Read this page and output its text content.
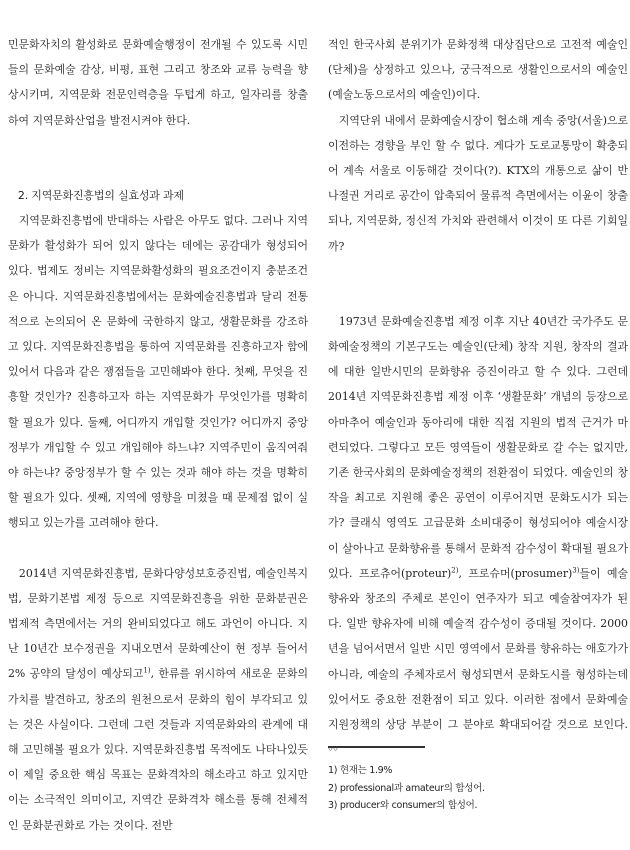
민문화자치의 활성화로 문화예술행정이 전개될 수 있도록 시민들의 문화예술 감상, 비평, 표현 그리고 창조와 교류 능력을 향상시키며, 지역문화 전문인력층을 두텁게 하고, 일자리를 창출하여 지역문화산업을 발전시켜야 한다.

2. 지역문화진흥법의 실효성과 과제

지역문화진흥법에 반대하는 사람은 아무도 없다. 그러나 지역문화가 활성화가 되어 있지 않다는 데에는 공감대가 형성되어 있다. 법제도 정비는 지역문화활성화의 필요조건이지 충분조건은 아니다. 지역문화진흥법에서는 문화예술진흥법과 달리 전통적으로 논의되어 온 문화에 국한하지 않고, 생활문화를 강조하고 있다. 지역문화진흥법을 통하여 지역문화를 진흥하고자 함에 있어서 다음과 같은 쟁점들을 고민해봐야 한다. 첫째, 무엇을 진흥할 것인가? 진흥하고자 하는 지역문화가 무엇인가를 명확히 할 필요가 있다. 둘째, 어디까지 개입할 것인가? 어디까지 중앙정부가 개입할 수 있고 개입해야 하느냐? 지역주민이 움직여줘야 하는냐? 중앙정부가 할 수 있는 것과 해야 하는 것을 명확히 할 필요가 있다. 셋째, 지역에 영향을 미쳤을 때 문제점 없이 실행되고 있는가를 고려해야 한다.

2014년 지역문화진흥법, 문화다양성보호증진법, 예술인복지법, 문화기본법 제정 등으로 지역문화진흥을 위한 문화분권은 법제적 측면에서는 거의 완비되었다고 해도 과언이 아니다. 지난 10년간 보수정권을 지내오면서 문화예산이 현 정부 들어서 2% 공약의 달성이 예상되고$^{1)}$, 한류를 위시하여 새로운 문화의 가치를 발견하고, 창조의 원천으로서 문화의 힘이 부각되고 있는 것은 사실이다. 그런데 그런 것들과 지역문화와의 관계에 대해 고민해볼 필요가 있다. 지역문화진흥법 목적에도 나타나있듯이 제일 중요한 핵심 목표는 문화격차의 해소라고 하고 있지만 이는 소극적인 의미이고, 지역간 문화격차 해소를 통해 전체적인 문화분권화로 가는 것이다. 전반

적인 한국사회 분위기가 문화정책 대상집단으로 고전적 예술인(단체)을 상정하고 있으나, 궁극적으로 생활인으로서의 예술인(예술노동으로서의 예술인)이다.

지역단위 내에서 문화예술시장이 협소해 계속 중앙(서울)으로 이전하는 경향을 부인 할 수 없다. 게다가 도로교통망이 확충되어 계속 서울로 이동해갈 것이다(?). KTX의 개통으로 삶이 반나절권 거리로 공간이 압축되어 물류적 측면에서는 이윤이 창출되나, 지역문화, 정신적 가치와 관련해서 이것이 또 다른 기회일까?

1973년 문화예술진흥법 제정 이후 지난 40년간 국가주도 문화예술정책의 기본구도는 예술인(단체) 창작 지원, 창작의 결과에 대한 일반시민의 문화향유 증진이라고 할 수 있다. 그런데 2014년 지역문화진흥법 제정 이후 ‘생활문화’ 개념의 등장으로 아마추어 예술인과 동아리에 대한 직접 지원의 법적 근거가 마련되었다. 그렇다고 모든 영역들이 생활문화로 갈 수는 없지만, 기존 한국사회의 문화예술정책의 전환점이 되었다. 예술인의 창작을 최고로 지원해 좋은 공연이 이루어지면 문화도시가 되는가? 클래식 영역도 고급문화 소비대중이 형성되어야 예술시장이 살아나고 문화향유를 통해서 문화적 감수성이 확대될 필요가 있다. 프로츄어(proteur)$^{2)}$, 프로슈머(prosumer)$^{3)}$들이 예술 향유와 창조의 주체로 본인이 연주자가 되고 예술참여자가 된다. 일반 향유자에 비해 예술적 감수성이 증대될 것이다. 2000년을 넘어서면서 일반 시민 영역에서 문화를 향유하는 애호가가 아니라, 예술의 주체자로서 형성되면서 문화도시를 형성하는데 있어서도 중요한 전환점이 되고 있다. 이러한 점에서 문화예술지원정책의 상당 부분이 그 분야로 확대되어갈 것으로 보인다. 〰

1) 현재는 1.9%

2) professional과 amateur의 합성어.

3) producer와 consumer의 합성어.
